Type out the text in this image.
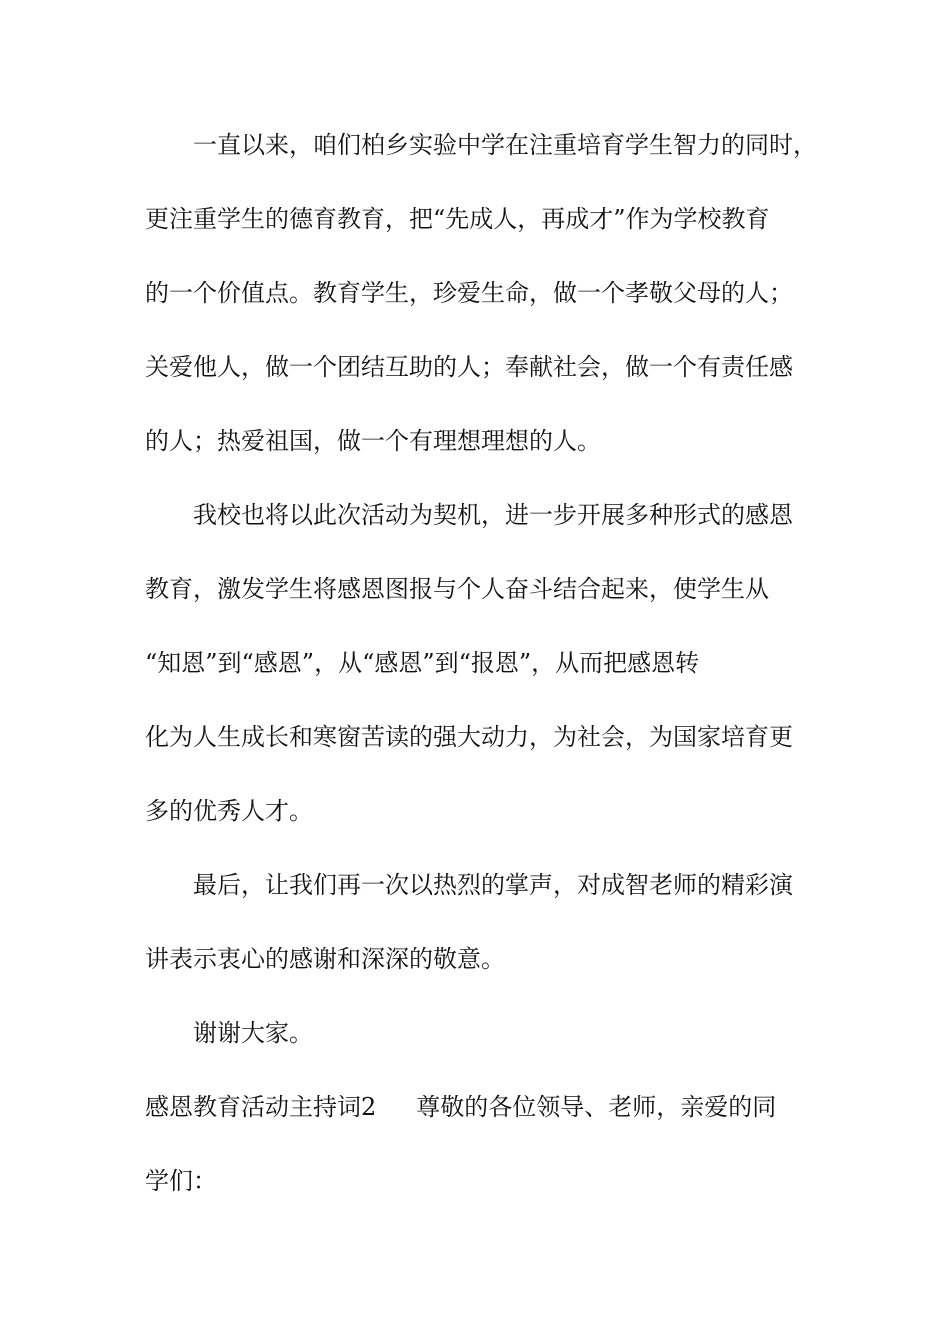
一直以来，咱们柏乡实验中学在注重培育学生智力的同时，

更注重学生的德育教育，把“先成人，再成才”作为学校教育

的一个价值点。教育学生，珍爱生命，做一个孝敬父母的人；

关爱他人，做一个团结互助的人；奉献社会，做一个有责任感

的人；热爱祖国，做一个有理想理想的人。

我校也将以此次活动为契机，进一步开展多种形式的感恩

教育，激发学生将感恩图报与个人奋斗结合起来，使学生从

“知恩”到“感恩”，从“感恩”到“报恩”，从而把感恩转

化为人生成长和寒窗苦读的强大动力，为社会，为国家培育更

多的优秀人才。

最后，让我们再一次以热烈的掌声，对成智老师的精彩演

讲表示衷心的感谢和深深的敬意。

谢谢大家。

感恩教育活动主持词2 尊敬的各位领导、老师，亲爱的同

学们：
